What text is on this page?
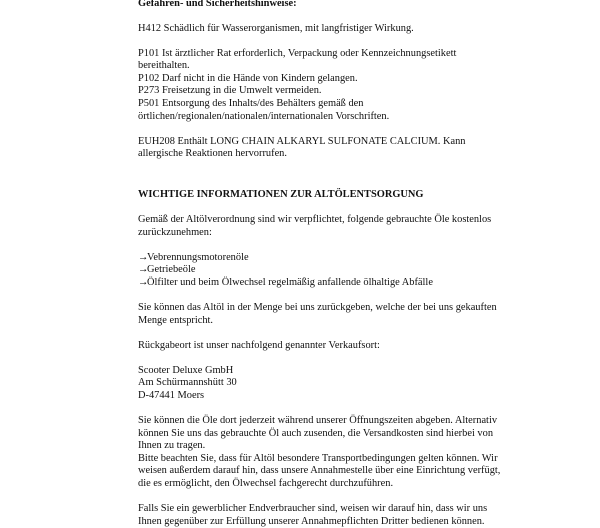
Gefahren- und Sicherheitshinweise:

H412 Schädlich für Wasserorganismen, mit langfristiger Wirkung.

P101 Ist ärztlicher Rat erforderlich, Verpackung oder Kennzeichnungsetikett
bereithalten.
P102 Darf nicht in die Hände von Kindern gelangen.
P273 Freisetzung in die Umwelt vermeiden.
P501 Entsorgung des Inhalts/des Behälters gemäß den
örtlichen/regionalen/nationalen/internationalen Vorschriften.

EUH208 Enthält LONG CHAIN ALKARYL SULFONATE CALCIUM. Kann
allergische Reaktionen hervorrufen.

WICHTIGE INFORMATIONEN ZUR ALTÖLENTSORGUNG

Gemäß der Altölverordnung sind wir verpflichtet, folgende gebrauchte Öle kostenlos
zurückzunehmen:

→Vebrennungsmotorenöle
→Getriebeöle
→Ölfilter und beim Ölwechsel regelmäßig anfallende ölhaltige Abfälle

Sie können das Altöl in der Menge bei uns zurückgeben, welche der bei uns gekauften
Menge entspricht.

Rückgabeort ist unser nachfolgend genannter Verkaufsort:

Scooter Deluxe GmbH
Am Schürmannshütt 30
D-47441 Moers

Sie können die Öle dort jederzeit während unserer Öffnungszeiten abgeben. Alternativ
können Sie uns das gebrauchte Öl auch zusenden, die Versandkosten sind hierbei von
Ihnen zu tragen.
Bitte beachten Sie, dass für Altöl besondere Transportbedingungen gelten können. Wir
weisen außerdem darauf hin, dass unsere Annahmestelle über eine Einrichtung verfügt,
die es ermöglicht, den Ölwechsel fachgerecht durchzuführen.

Falls Sie ein gewerblicher Endverbraucher sind, weisen wir darauf hin, dass wir uns
Ihnen gegenüber zur Erfüllung unserer Annahmepflichten Dritter bedienen können.
